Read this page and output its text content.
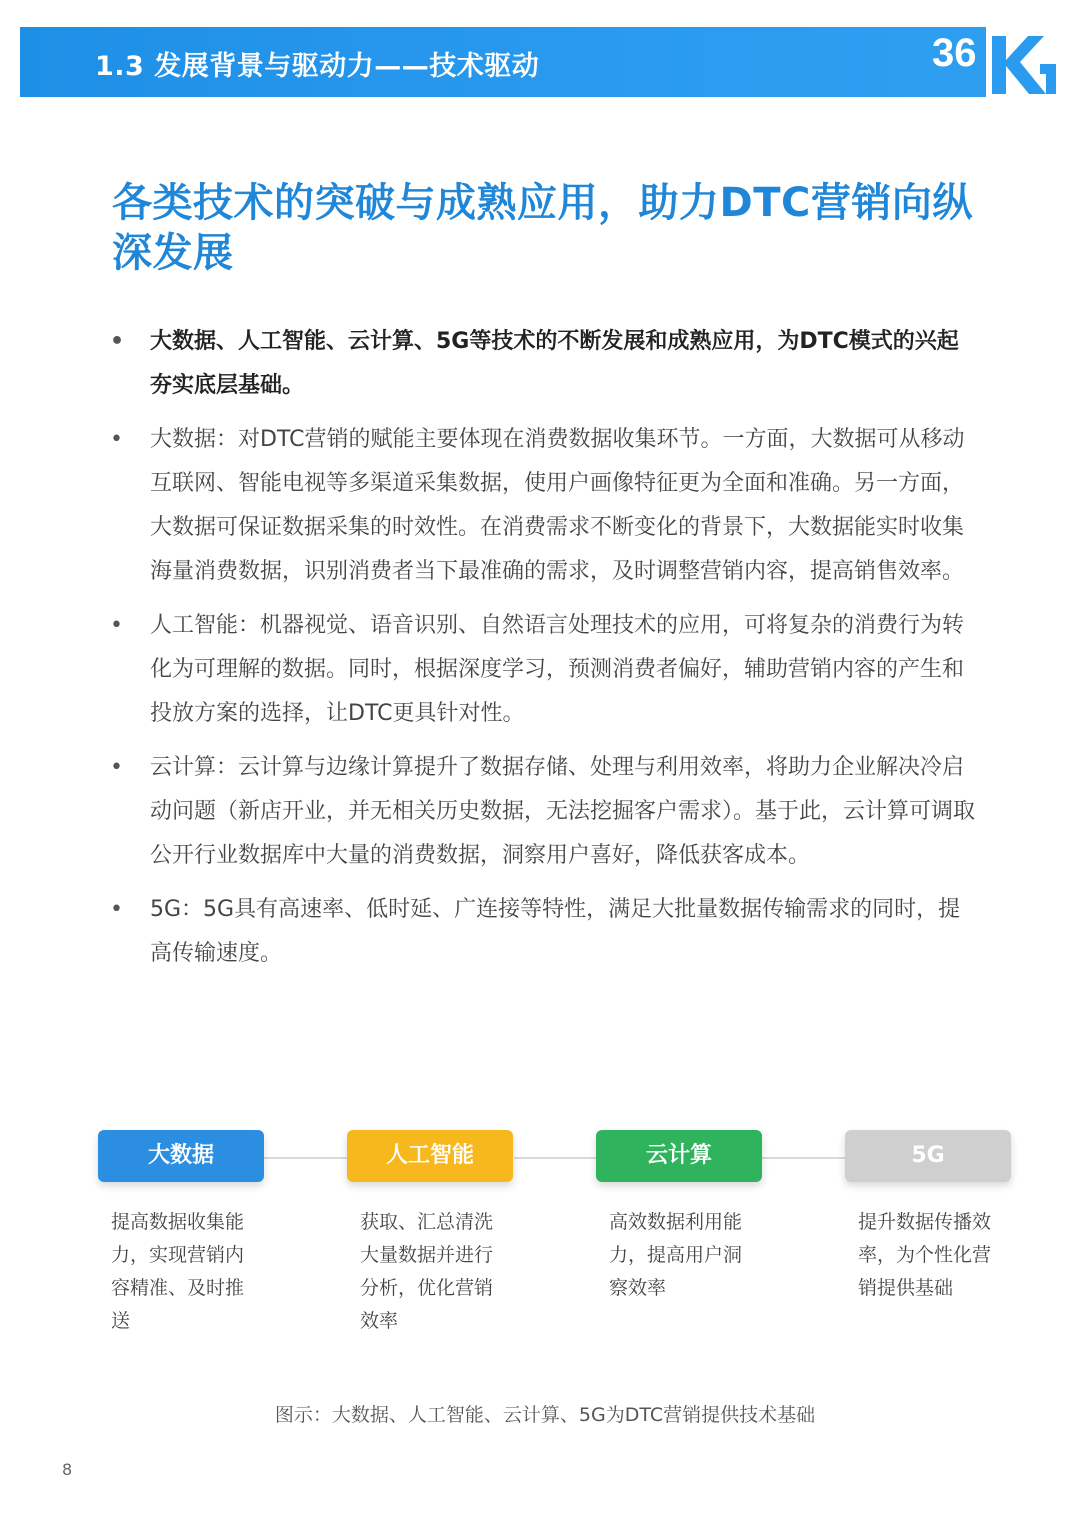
1.3 发展背景与驱动力——技术驱动	36
各类技术的突破与成熟应用，助力DTC营销向纵深发展
• 大数据、人工智能、云计算、5G等技术的不断发展和成熟应用，为DTC模式的兴起夯实底层基础。
• 大数据：对DTC营销的赋能主要体现在消费数据收集环节。一方面，大数据可从移动互联网、智能电视等多渠道采集数据，使用户画像特征更为全面和准确。另一方面，大数据可保证数据采集的时效性。在消费需求不断变化的背景下，大数据能实时收集海量消费数据，识别消费者当下最准确的需求，及时调整营销内容，提高销售效率。
• 人工智能：机器视觉、语音识别、自然语言处理技术的应用，可将复杂的消费行为转化为可理解的数据。同时，根据深度学习，预测消费者偏好，辅助营销内容的产生和投放方案的选择，让DTC更具针对性。
• 云计算：云计算与边缘计算提升了数据存储、处理与利用效率，将助力企业解决冷启动问题（新店开业，并无相关历史数据，无法挖掘客户需求）。基于此，云计算可调取公开行业数据库中大量的消费数据，洞察用户喜好，降低获客成本。
• 5G：5G具有高速率、低时延、广连接等特性，满足大批量数据传输需求的同时，提高传输速度。
大数据	人工智能	云计算	5G
提高数据收集能力，实现营销内容精准、及时推送
获取、汇总清洗大量数据并进行分析，优化营销效率
高效数据利用能力，提高用户洞察效率
提升数据传播效率，为个性化营销提供基础
图示：大数据、人工智能、云计算、5G为DTC营销提供技术基础
8
